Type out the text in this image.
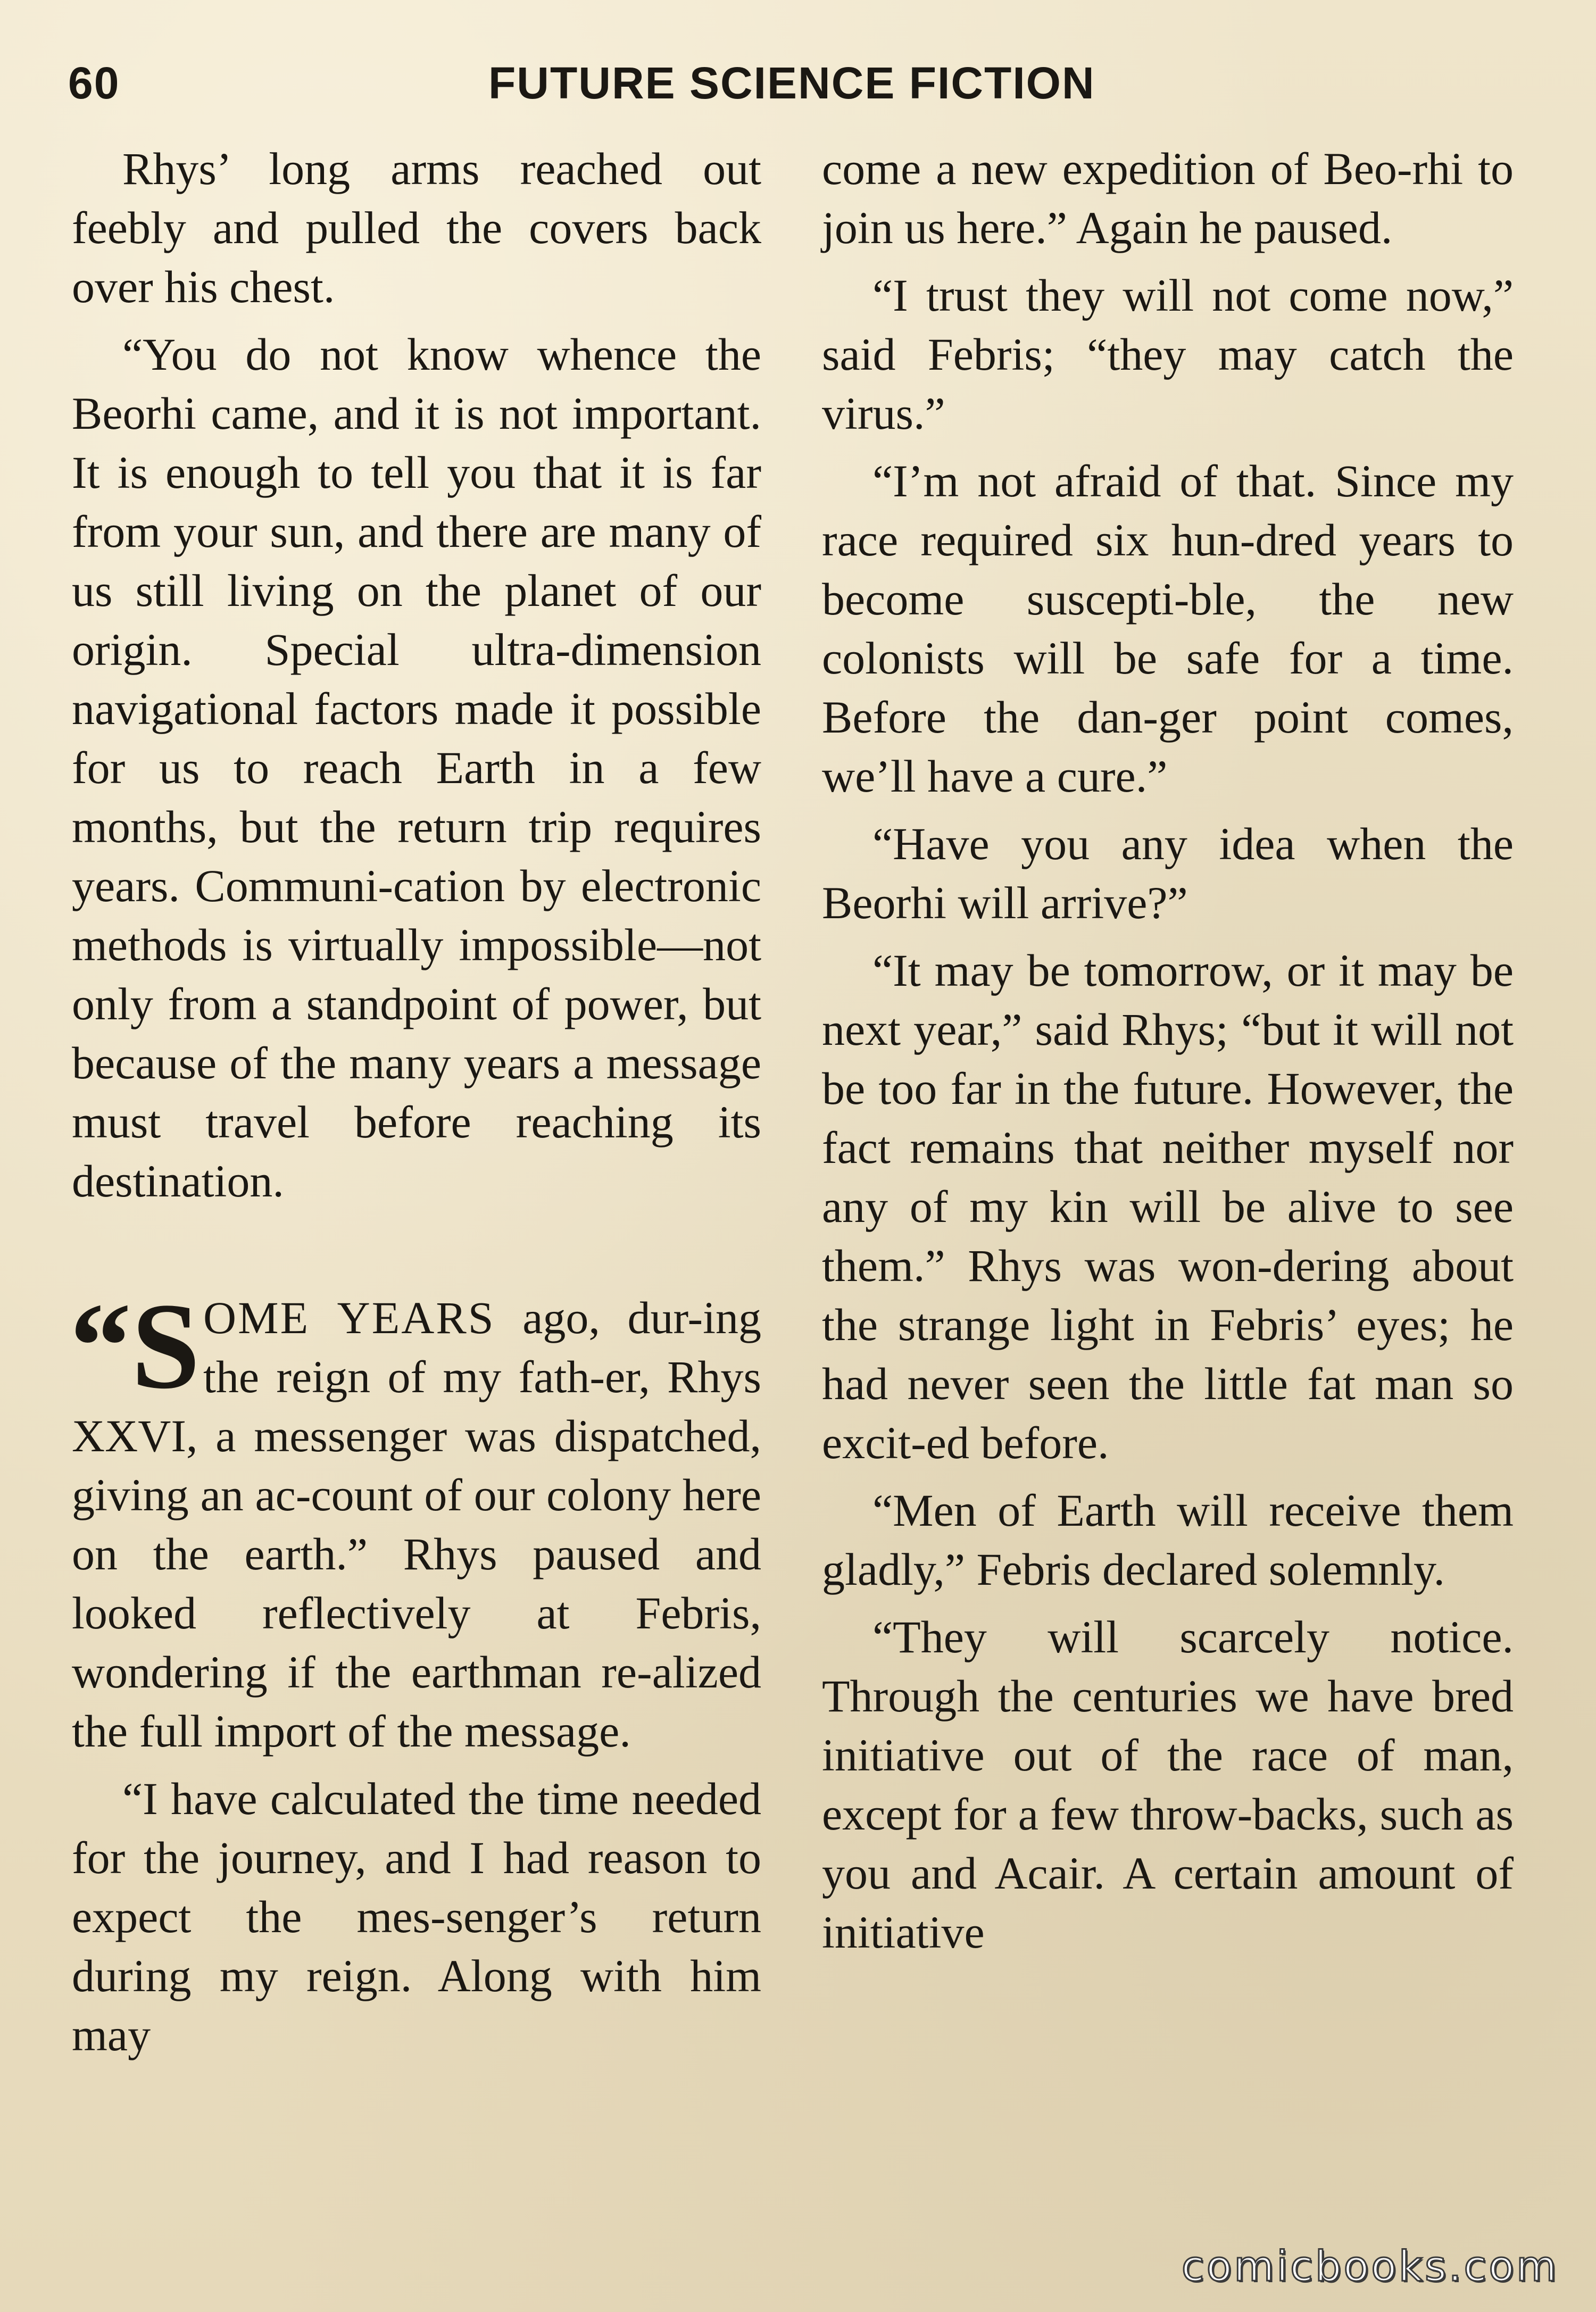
60	FUTURE SCIENCE FICTION

Rhys’ long arms reached out feebly and pulled the covers back over his chest.

“You do not know whence the Beorhi came, and it is not important. It is enough to tell you that it is far from your sun, and there are many of us still living on the planet of our origin. Special ultra-dimension navigational factors made it possible for us to reach Earth in a few months, but the return trip requires years. Communi-cation by electronic methods is virtually impossible—not only from a standpoint of power, but because of the many years a message must travel before reaching its destination.

“S OME YEARS ago, dur-ing the reign of my fath-er, Rhys XXVI, a messenger was dispatched, giving an ac-count of our colony here on the earth.” Rhys paused and looked reflectively at Febris, wondering if the earthman re-alized the full import of the message.

“I have calculated the time needed for the journey, and I had reason to expect the mes-senger’s return during my reign. Along with him may

come a new expedition of Beo-rhi to join us here.” Again he paused.

“I trust they will not come now,” said Febris; “they may catch the virus.”

“I’m not afraid of that. Since my race required six hun-dred years to become suscepti-ble, the new colonists will be safe for a time. Before the dan-ger point comes, we’ll have a cure.”

“Have you any idea when the Beorhi will arrive?”

“It may be tomorrow, or it may be next year,” said Rhys; “but it will not be too far in the future. However, the fact remains that neither myself nor any of my kin will be alive to see them.” Rhys was won-dering about the strange light in Febris’ eyes; he had never seen the little fat man so excit-ed before.

“Men of Earth will receive them gladly,” Febris declared solemnly.

“They will scarcely notice. Through the centuries we have bred initiative out of the race of man, except for a few throw-backs, such as you and Acair. A certain amount of initiative

comicbooks.com
